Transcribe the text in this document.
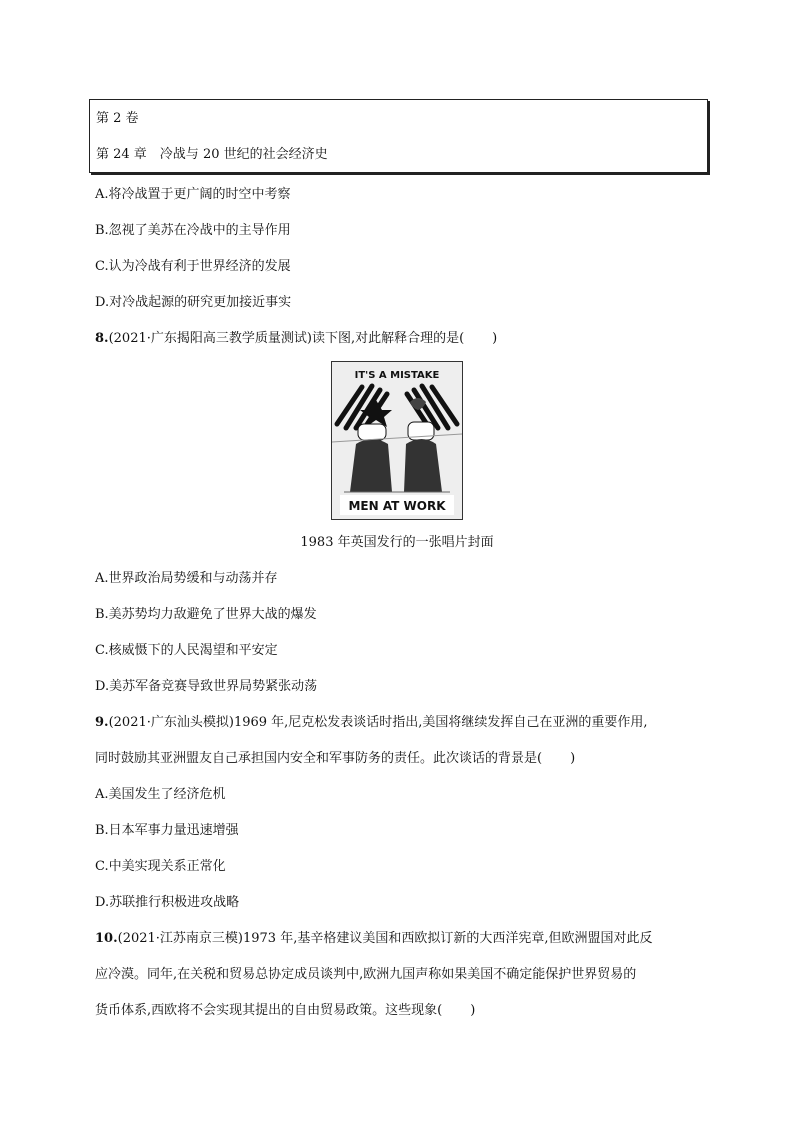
第 2 卷
第 24 章　冷战与 20 世纪的社会经济史
A.将冷战置于更广阔的时空中考察
B.忽视了美苏在冷战中的主导作用
C.认为冷战有利于世界经济的发展
D.对冷战起源的研究更加接近事实
8.(2021·广东揭阳高三教学质量测试)读下图,对此解释合理的是( )
IT'S A MISTAKE
MEN AT WORK
1983 年英国发行的一张唱片封面
A.世界政治局势缓和与动荡并存
B.美苏势均力敌避免了世界大战的爆发
C.核威慑下的人民渴望和平安定
D.美苏军备竞赛导致世界局势紧张动荡
9.(2021·广东汕头模拟)1969 年,尼克松发表谈话时指出,美国将继续发挥自己在亚洲的重要作用,
同时鼓励其亚洲盟友自己承担国内安全和军事防务的责任。此次谈话的背景是( )
A.美国发生了经济危机
B.日本军事力量迅速增强
C.中美实现关系正常化
D.苏联推行积极进攻战略
10.(2021·江苏南京三模)1973 年,基辛格建议美国和西欧拟订新的大西洋宪章,但欧洲盟国对此反
应冷漠。同年,在关税和贸易总协定成员谈判中,欧洲九国声称如果美国不确定能保护世界贸易的
货币体系,西欧将不会实现其提出的自由贸易政策。这些现象( )
